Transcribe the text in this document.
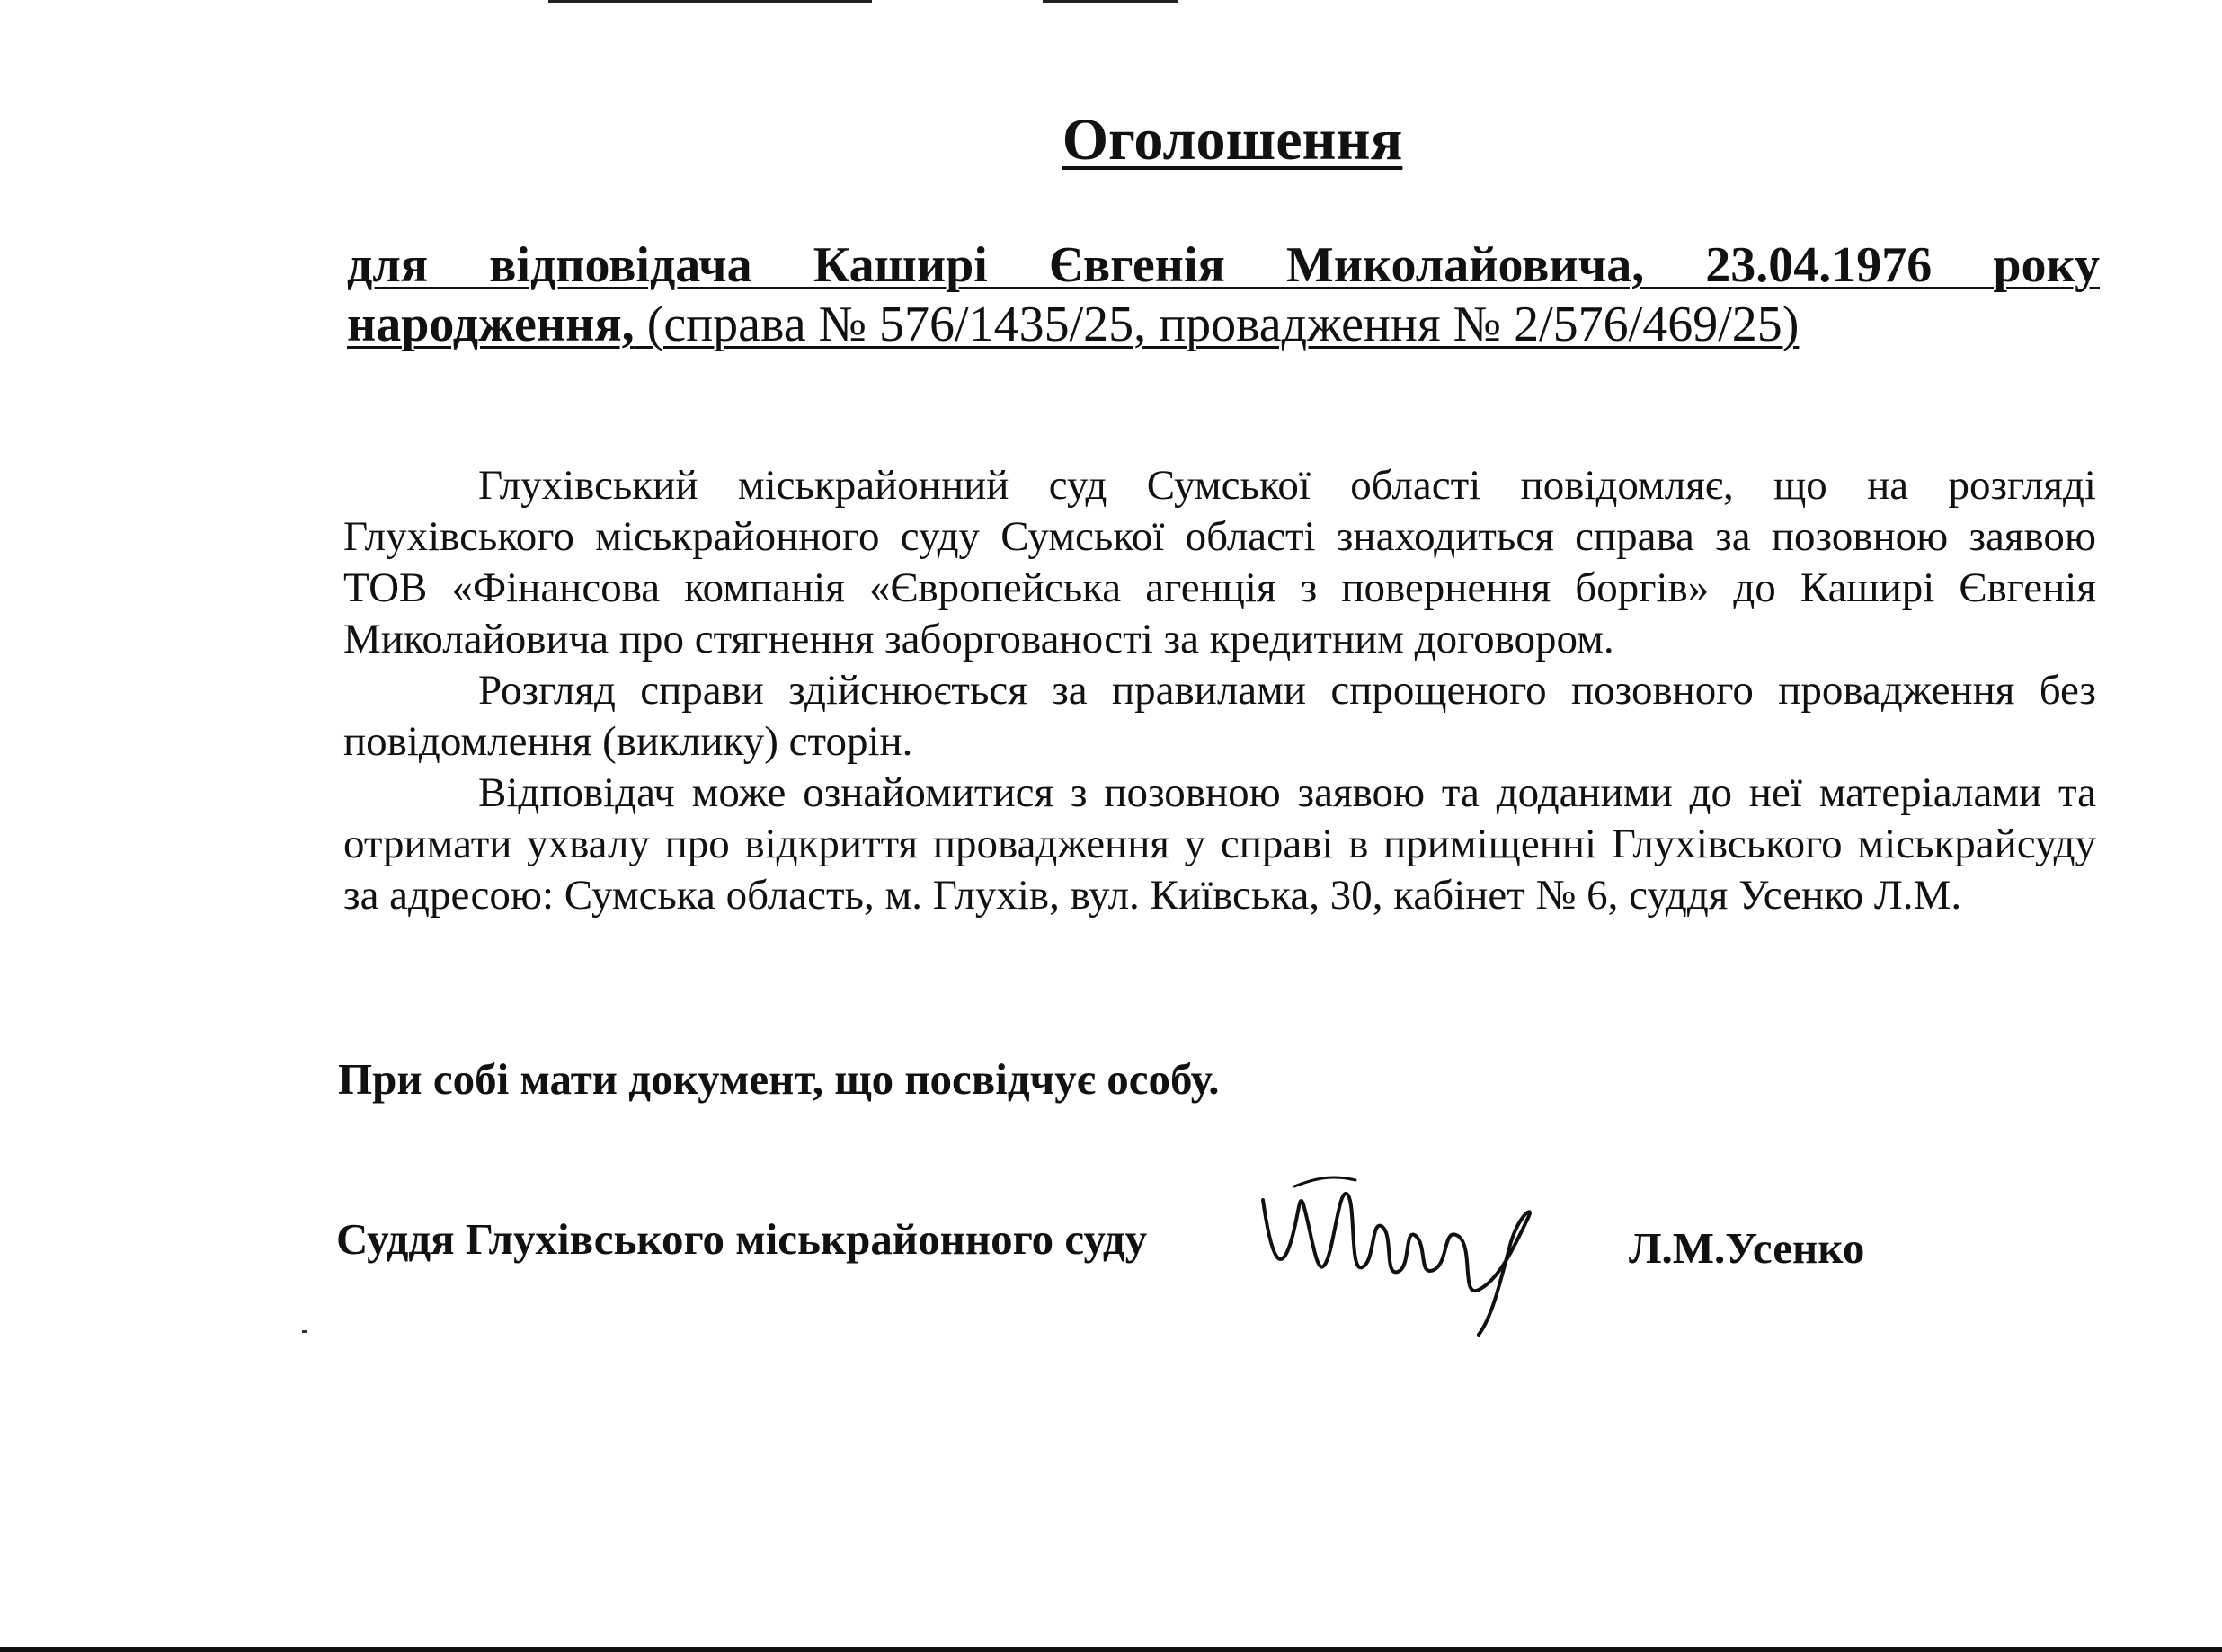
Оголошення
для відповідача Каширі Євгенія Миколайовича, 23.04.1976 року народження, (справа № 576/1435/25, провадження № 2/576/469/25)

Глухівський міськрайонний суд Сумської області повідомляє, що на розгляді Глухівського міськрайонного суду Сумської області знаходиться справа за позовною заявою ТОВ «Фінансова компанія «Європейська агенція з повернення боргів» до Каширі Євгенія Миколайовича про стягнення заборгованості за кредитним договором.

Розгляд справи здійснюється за правилами спрощеного позовного провадження без повідомлення (виклику) сторін.

Відповідач може ознайомитися з позовною заявою та доданими до неї матеріалами та отримати ухвалу про відкриття провадження у справі в приміщенні Глухівського міськрайсуду за адресою: Сумська область, м. Глухів, вул. Київська, 30, кабінет № 6, суддя Усенко Л.М.

При собі мати документ, що посвідчує особу.
Суддя Глухівського міськрайонного суду	Л.М.Усенко
